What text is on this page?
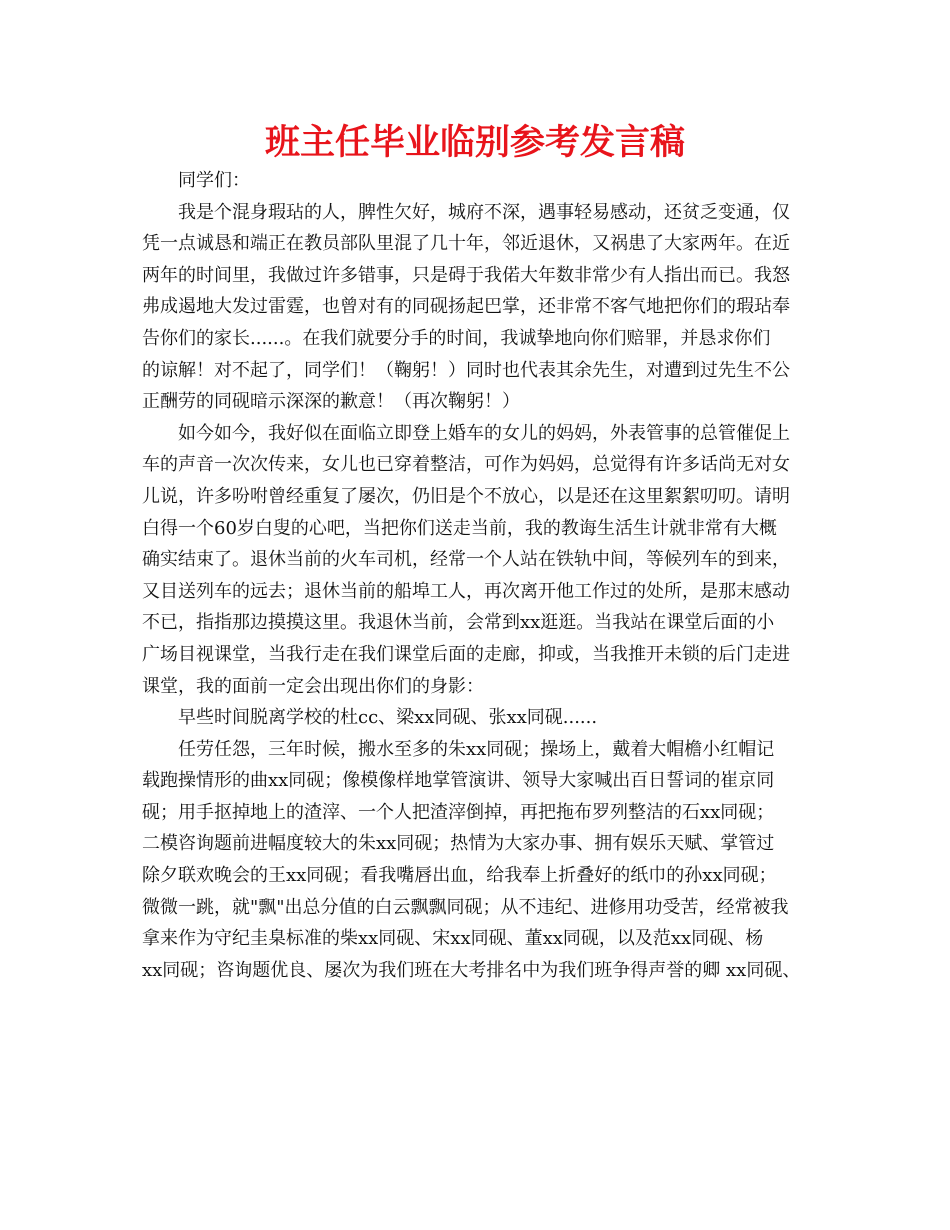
班主任毕业临别参考发言稿
同学们：
我是个混身瑕玷的人，脾性欠好，城府不深，遇事轻易感动，还贫乏变通，仅
凭一点诚恳和端正在教员部队里混了几十年，邻近退休，又祸患了大家两年。在近
两年的时间里，我做过许多错事，只是碍于我偌大年数非常少有人指出而已。我怒
弗成遏地大发过雷霆，也曾对有的同砚扬起巴掌，还非常不客气地把你们的瑕玷奉
告你们的家长......。在我们就要分手的时间，我诚挚地向你们赔罪，并恳求你们
的谅解！对不起了，同学们！（鞠躬！）同时也代表其余先生，对遭到过先生不公
正酬劳的同砚暗示深深的歉意！（再次鞠躬！）
如今如今，我好似在面临立即登上婚车的女儿的妈妈，外表管事的总管催促上
车的声音一次次传来，女儿也已穿着整洁，可作为妈妈，总觉得有许多话尚无对女
儿说，许多吩咐曾经重复了屡次，仍旧是个不放心，以是还在这里絮絮叨叨。请明
白得一个60岁白叟的心吧，当把你们送走当前，我的教诲生活生计就非常有大概
确实结束了。退休当前的火车司机，经常一个人站在铁轨中间，等候列车的到来，
又目送列车的远去；退休当前的船埠工人，再次离开他工作过的处所，是那末感动
不已，指指那边摸摸这里。我退休当前，会常到xx逛逛。当我站在课堂后面的小
广场目视课堂，当我行走在我们课堂后面的走廊，抑或，当我推开未锁的后门走进
课堂，我的面前一定会出现出你们的身影：
早些时间脱离学校的杜cc、梁xx同砚、张xx同砚......
任劳任怨，三年时候，搬水至多的朱xx同砚；操场上，戴着大帽檐小红帽记
载跑操情形的曲xx同砚；像模像样地掌管演讲、领导大家喊出百日誓词的崔京同
砚；用手抠掉地上的渣滓、一个人把渣滓倒掉，再把拖布罗列整洁的石xx同砚；
二模咨询题前进幅度较大的朱xx同砚；热情为大家办事、拥有娱乐天赋、掌管过
除夕联欢晚会的王xx同砚；看我嘴唇出血，给我奉上折叠好的纸巾的孙xx同砚；
微微一跳，就"飘"出总分值的白云飘飘同砚；从不违纪、进修用功受苦，经常被我
拿来作为守纪圭臬标准的柴xx同砚、宋xx同砚、董xx同砚，以及范xx同砚、杨
xx同砚；咨询题优良、屡次为我们班在大考排名中为我们班争得声誉的卿 xx同砚、
